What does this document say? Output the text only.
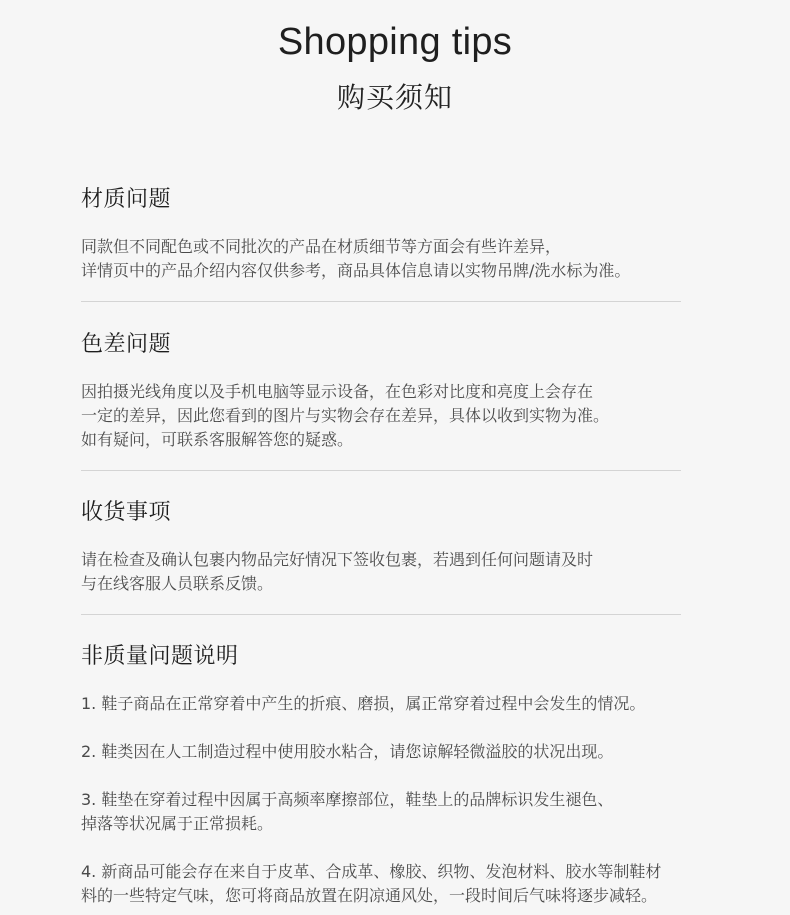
Shopping tips
购买须知
材质问题
同款但不同配色或不同批次的产品在材质细节等方面会有些许差异，
详情页中的产品介绍内容仅供参考，商品具体信息请以实物吊牌/洗水标为准。
色差问题
因拍摄光线角度以及手机电脑等显示设备，在色彩对比度和亮度上会存在
一定的差异，因此您看到的图片与实物会存在差异，具体以收到实物为准。
如有疑问，可联系客服解答您的疑惑。
收货事项
请在检查及确认包裹内物品完好情况下签收包裹，若遇到任何问题请及时
与在线客服人员联系反馈。
非质量问题说明
1. 鞋子商品在正常穿着中产生的折痕、磨损，属正常穿着过程中会发生的情况。
2. 鞋类因在人工制造过程中使用胶水粘合，请您谅解轻微溢胶的状况出现。
3. 鞋垫在穿着过程中因属于高频率摩擦部位，鞋垫上的品牌标识发生褪色、
掉落等状况属于正常损耗。
4. 新商品可能会存在来自于皮革、合成革、橡胶、织物、发泡材料、胶水等制鞋材
料的一些特定气味，您可将商品放置在阴凉通风处，一段时间后气味将逐步减轻。
